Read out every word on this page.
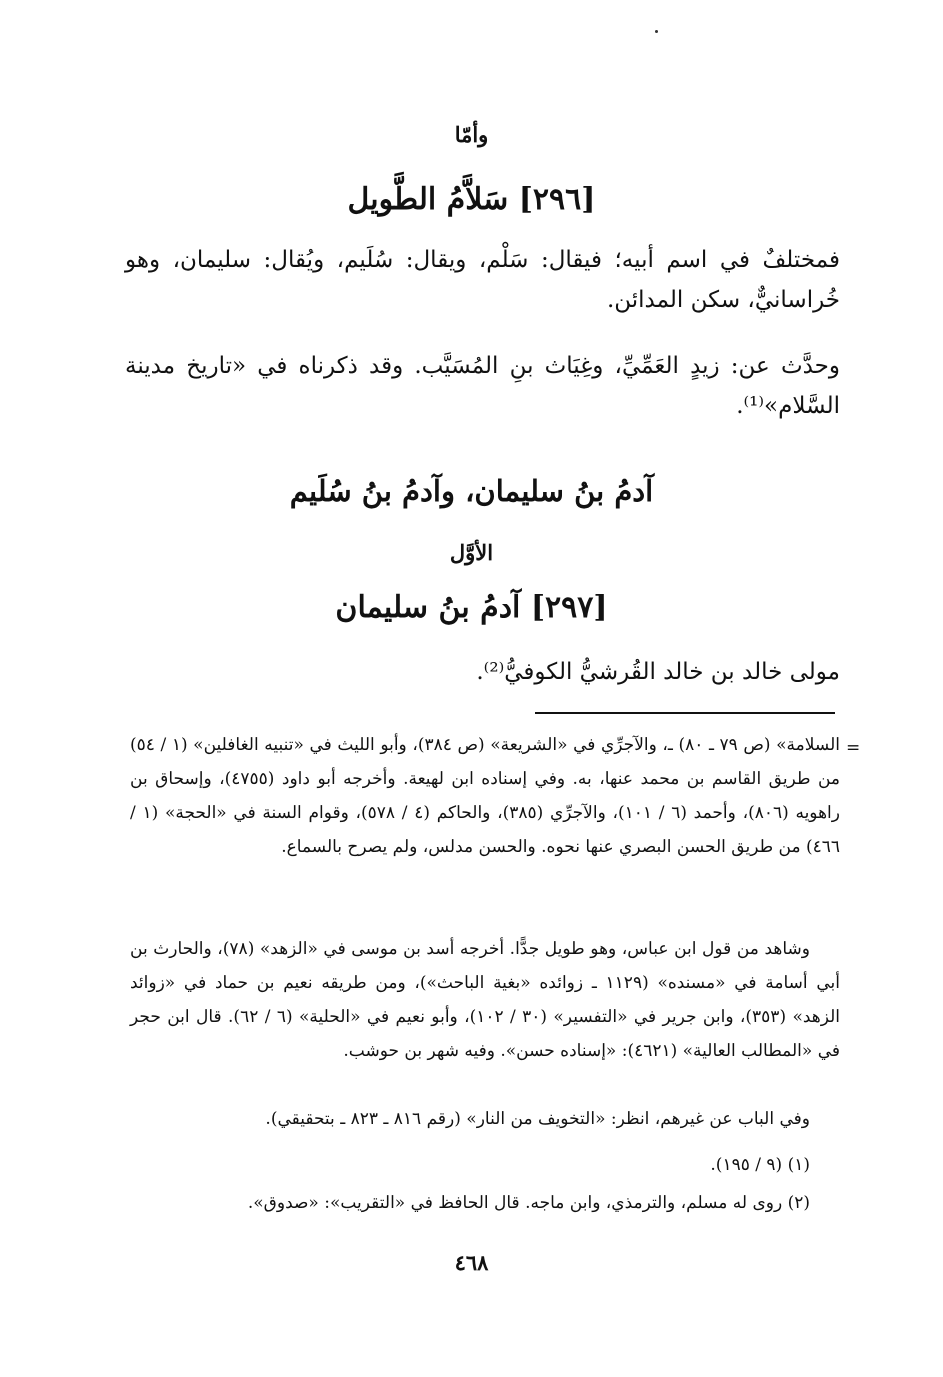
وأمّا
[٢٩٦] سَلاَّمُ الطَّويل

فمختلفٌ في اسم أبيه؛ فيقال: سَلْم، ويقال: سُلَيم، ويُقال: سليمان، وهو خُراسانيٌّ، سكن المدائن.

وحدَّث عن: زيدٍ العَمِّيِّ، وغِيَاث بنِ المُسَيَّب. وقد ذكرناه في «تاريخ مدينة السَّلام»⁽¹⁾.

آدمُ بنُ سليمان، وآدمُ بنُ سُلَيم
الأوَّل
[٢٩٧] آدمُ بنُ سليمان

مولى خالد بن خالد القُرشيُّ الكوفيُّ⁽²⁾.

=

السلامة» (ص ٧٩ ـ ٨٠) ـ، والآجرِّي في «الشريعة» (ص ٣٨٤)، وأبو الليث في «تنبيه الغافلين» (١ / ٥٤) من طريق القاسم بن محمد عنها، به. وفي إسناده ابن لهيعة. وأخرجه أبو داود (٤٧٥٥)، وإسحاق بن راهويه (٨٠٦)، وأحمد (٦ / ١٠١)، والآجرِّي (٣٨٥)، والحاكم (٤ / ٥٧٨)، وقوام السنة في «الحجة» (١ / ٤٦٦) من طريق الحسن البصري عنها نحوه. والحسن مدلس، ولم يصرح بالسماع.

وشاهد من قول ابن عباس، وهو طويل جدًّا. أخرجه أسد بن موسى في «الزهد» (٧٨)، والحارث بن أبي أسامة في «مسنده» (١١٢٩ ـ زوائده «بغية الباحث»)، ومن طريقه نعيم بن حماد في «زوائد الزهد» (٣٥٣)، وابن جرير في «التفسير» (٣٠ / ١٠٢)، وأبو نعيم في «الحلية» (٦ / ٦٢). قال ابن حجر في «المطالب العالية» (٤٦٢١): «إسناده حسن». وفيه شهر بن حوشب.

وفي الباب عن غيرهم، انظر: «التخويف من النار» (رقم ٨١٦ ـ ٨٢٣ ـ بتحقيقي).

(١) (٩ / ١٩٥).

(٢) روى له مسلم، والترمذي، وابن ماجه. قال الحافظ في «التقريب»: «صدوق».

٤٦٨
